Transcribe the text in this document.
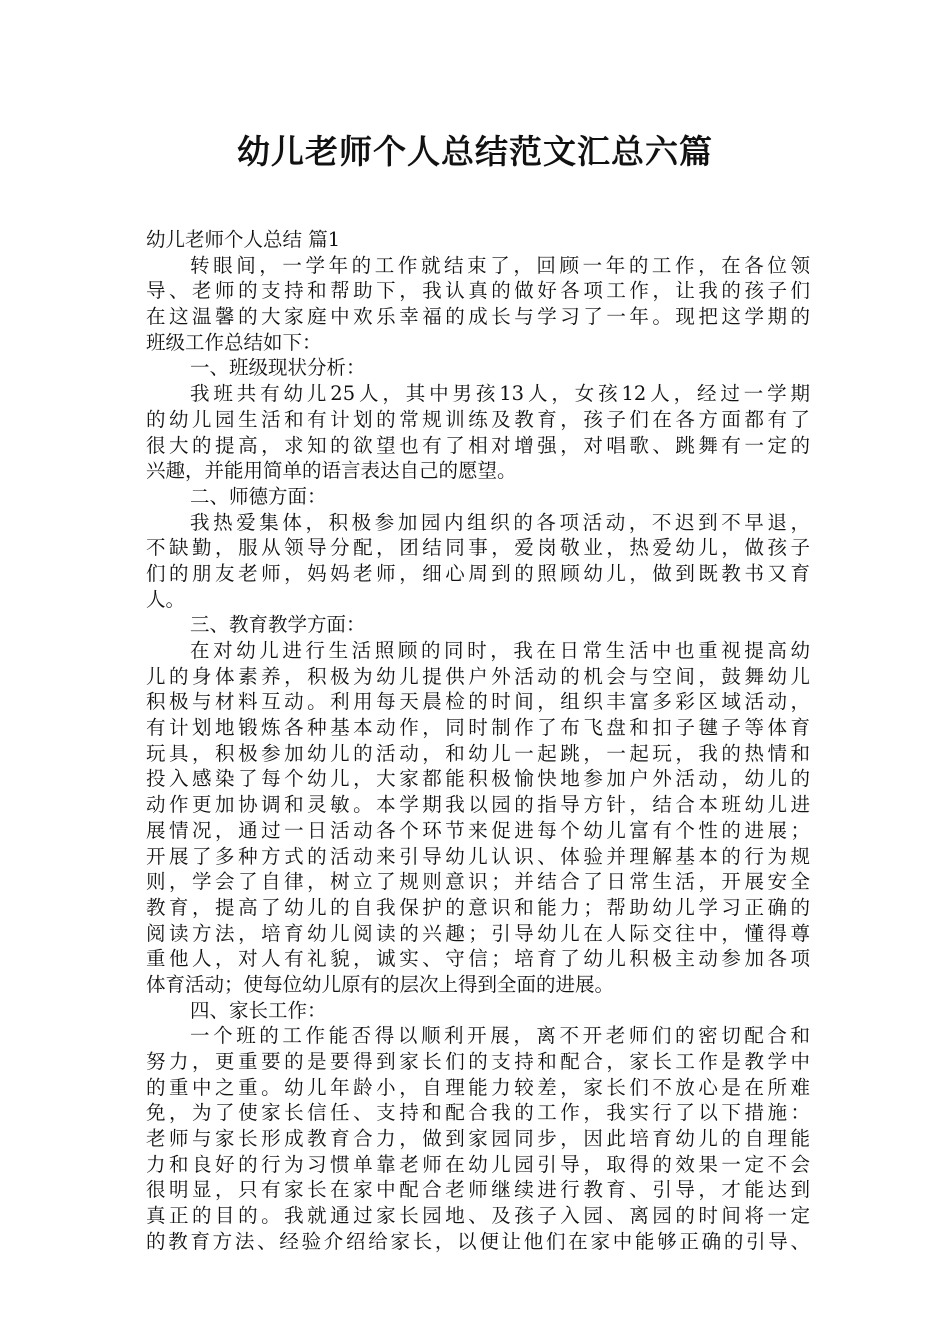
幼儿老师个人总结范文汇总六篇
幼儿老师个人总结 篇1
转眼间，一学年的工作就结束了，回顾一年的工作，在各位领
导、老师的支持和帮助下，我认真的做好各项工作，让我的孩子们
在这温馨的大家庭中欢乐幸福的成长与学习了一年。现把这学期的
班级工作总结如下：
一、班级现状分析：
我班共有幼儿25人，其中男孩13人，女孩12人，经过一学期
的幼儿园生活和有计划的常规训练及教育，孩子们在各方面都有了
很大的提高，求知的欲望也有了相对增强，对唱歌、跳舞有一定的
兴趣，并能用简单的语言表达自己的愿望。
二、师德方面：
我热爱集体，积极参加园内组织的各项活动，不迟到不早退，
不缺勤，服从领导分配，团结同事，爱岗敬业，热爱幼儿，做孩子
们的朋友老师，妈妈老师，细心周到的照顾幼儿，做到既教书又育
人。
三、教育教学方面：
在对幼儿进行生活照顾的同时，我在日常生活中也重视提高幼
儿的身体素养，积极为幼儿提供户外活动的机会与空间，鼓舞幼儿
积极与材料互动。利用每天晨检的时间，组织丰富多彩区域活动，
有计划地锻炼各种基本动作，同时制作了布飞盘和扣子毽子等体育
玩具，积极参加幼儿的活动，和幼儿一起跳，一起玩，我的热情和
投入感染了每个幼儿，大家都能积极愉快地参加户外活动，幼儿的
动作更加协调和灵敏。本学期我以园的指导方针，结合本班幼儿进
展情况，通过一日活动各个环节来促进每个幼儿富有个性的进展；
开展了多种方式的活动来引导幼儿认识、体验并理解基本的行为规
则，学会了自律，树立了规则意识；并结合了日常生活，开展安全
教育，提高了幼儿的自我保护的意识和能力；帮助幼儿学习正确的
阅读方法，培育幼儿阅读的兴趣；引导幼儿在人际交往中，懂得尊
重他人，对人有礼貌，诚实、守信；培育了幼儿积极主动参加各项
体育活动；使每位幼儿原有的层次上得到全面的进展。
四、家长工作：
一个班的工作能否得以顺利开展，离不开老师们的密切配合和
努力，更重要的是要得到家长们的支持和配合，家长工作是教学中
的重中之重。幼儿年龄小，自理能力较差，家长们不放心是在所难
免，为了使家长信任、支持和配合我的工作，我实行了以下措施：
老师与家长形成教育合力，做到家园同步，因此培育幼儿的自理能
力和良好的行为习惯单靠老师在幼儿园引导，取得的效果一定不会
很明显，只有家长在家中配合老师继续进行教育、引导，才能达到
真正的目的。我就通过家长园地、及孩子入园、离园的时间将一定
的教育方法、经验介绍给家长，以便让他们在家中能够正确的引导、
